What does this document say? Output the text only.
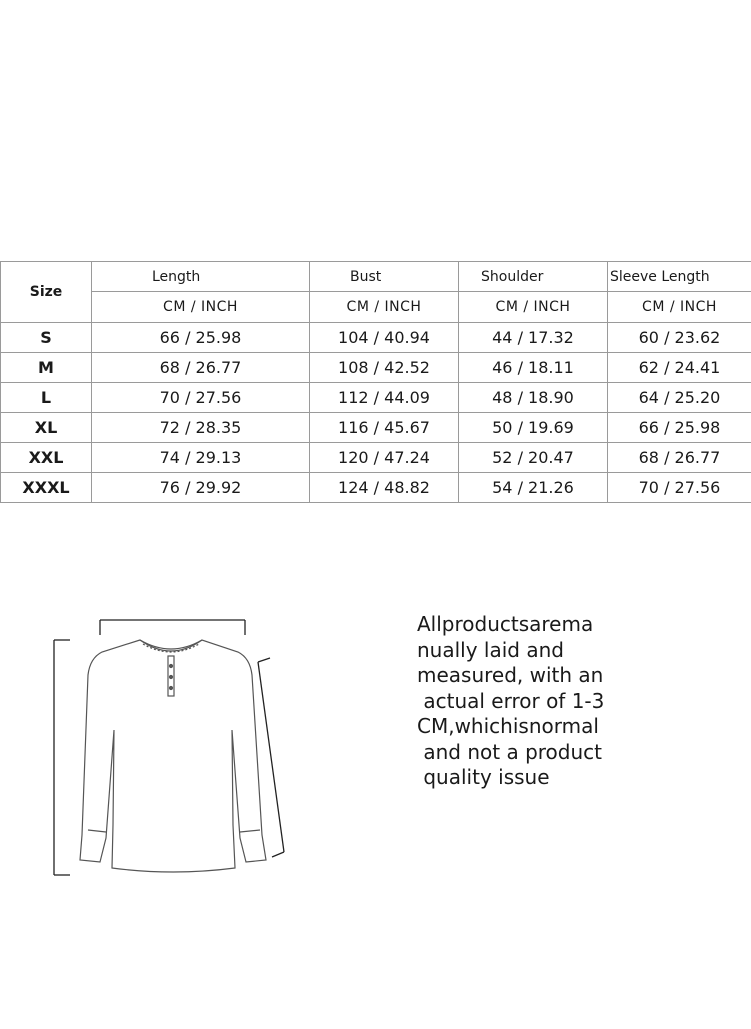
Size	Length	Bust	Shoulder	Sleeve Length
	CM / INCH	CM / INCH	CM / INCH	CM / INCH
S	66 / 25.98	104 / 40.94	44 / 17.32	60 / 23.62
M	68 / 26.77	108 / 42.52	46 / 18.11	62 / 24.41
L	70 / 27.56	112 / 44.09	48 / 18.90	64 / 25.20
XL	72 / 28.35	116 / 45.67	50 / 19.69	66 / 25.98
XXL	74 / 29.13	120 / 47.24	52 / 20.47	68 / 26.77
XXXL	76 / 29.92	124 / 48.82	54 / 21.26	70 / 27.56
Allproductsarema
nually laid and
measured, with an
actual error of 1-3
CM,whichisnormal
and not a product
quality issue
